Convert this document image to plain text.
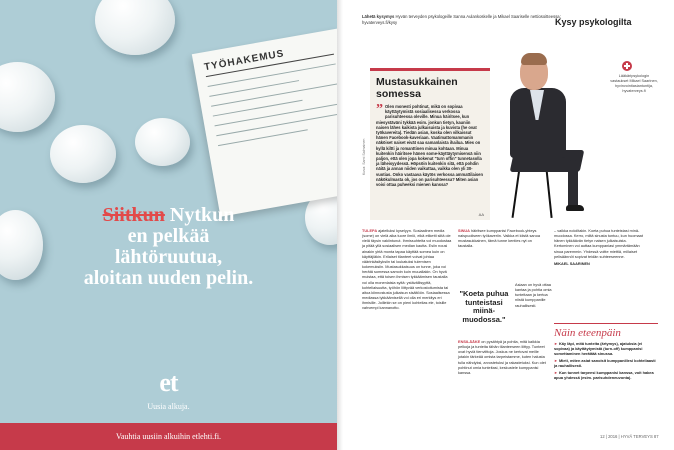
TYÖHAKEMUS
Siitkun Nytkun
en pelkää
lähtöruutua,
aloitan uuden pelin.
et
Uusia alkuja.
Vauhtia uusiin alkuihin etlehti.fi.
Lähetä kysymys Hyvän terveyden psykologeille Sanna Aulankoskelle ja Mikael Saariselle nettiosoitteessa: hyvaterveys.fi/kysy	Kysy psykologilta
Mustasukkainen somessa
” Olen monesti pohtinut, mikä on sopivaa käyttäytymistä sosiaalisessa verkossa parisuhteessa oleville. Minua häiritsee, kun miesystäväni tykkää esim. jonkun tietyn, kauniin naisen lähes kaikista julkaisuista ja kuvista (he ovat työkavereita). Tiedän asian, koska olen vilkaissut hänen Facebook-kaveriaan. Vaatimattomammanin näköiset naiset eivät saa samanlaista ihailua. Mies on kyllä kiltti ja romanttinen minua kohtaan. Minua kuitenkin häiritsee hänen some-käyttäytymisensä niin paljon, että olen jopa kokenut "turn offin" tunnetasolla ja läheisyydessä. Höpsöin kuitenkin sitä, että pohdin näitä ja annan niiden vaikuttaa, vaikka olen yli 30-vuotias. Onko vastaava käytös verkossa ammattilaisen näkökulmasta ok, jos on parisuhteessa? Miten asian voisi ottaa puheeksi mienen kanssa?
AA
Kuva: Sami Salmainen
Lääkäripsykologin vastaukset Mikael Saarinen, hyvinvointiasiantuntija, hyvaterveys.fi
TULEPA ajatelluksi kyselyyn. Sosiaalinen media (some) on vielä aika tuore ilmiö, eikä etiketti siitä ole vielä täysin vakiintunut. Ihmissuhteita voi muodostaa ja pitää yllä sosiaalisen median kautta. Esiin nousi ainakin yhtä monta tapaa käyttää somea kuin on käyttäjiäkin. Erilaiset tilanteet voivat johtaa väärinkäsityksiin tai loukatuksi tulemisen kokemuksiin. Mustasukkaisuus on tunne, joka voi herätä somessa samoin kuin muuallakin. On hyvä muistaa, että toisen ihmisen tykkäämisen taustalla voi olla monenlaisia syitä: ystävällisyyttä, kohteliaisuutta, työhön liittyvää verkostoitumista tai aitoa kiinnostusta julkaisun sisältöön. Sosiaalisessa mediassa tykkäämisellä voi olla eri merkitys eri ihmisille. Joillekin se on pieni kohtelias ele, toisille vahvempi kannanotto.
SINUA häiritsee kumppanisi Facebook-yhteys naispuoliseen työkaveriin. Vaikka et kiistä sanoa mustasukkainen, tämä tunne kenties nyt on taustalla.
"Koeta puhua tunteistasi miinä-muodossa."
Asiaan on hyvä ottaa kantaa ja pohtia omia tunteitaan ja kertoa niistä kumppanille rauhallisesti.
ENSILÄÄKE on pysähtyä ja pohtia, mitä kaikkia pelkoja ja tunteita tähän tilanteeseen liittyy. Tunteet ovat hyviä tienviittoja. Joskus ne kertovat meille jotakin tärkeää omista tarpeistamme, kuten halusta tulla nähdyksi, arvostetuksi ja rakastetuksi. Kun olet pohtinut omia tunteitasi, keskustele kumppanisi kanssa.
– vaikka noloiltakin. Koeta puhua tunteistasi minä-muodossa. Kerro, miltä sinusta tuntuu, kun huomaat hänen tykkäävän tietyn naisen julkaisuista. Kertominen voi auttaa kumppaniasi ymmärtämään sinua paremmin. Yhdessä voitte miettiä, millaiset pelisäännöt sopivat teidän suhteeseenne.
MIKAEL SAARINEN
Näin eteenpäin
► Käy läpi, mitä tunteita (ärtymys), ajatuksia (ei sopivaa) ja käyttäytymistä (turn-off) kumppanisi somettaminen herättää sinussa.
► Mieti, miten asiat sanoisit kumppanillesi kohteliaasti ja rauhallisesti.
► Kun tunnet tarpeesi kumppanisi kanssa, voit hakea apua yhdessä (esim. parisuhdeneuvonta).
12 | 2016 | HYVÄ TERVEYS 87
